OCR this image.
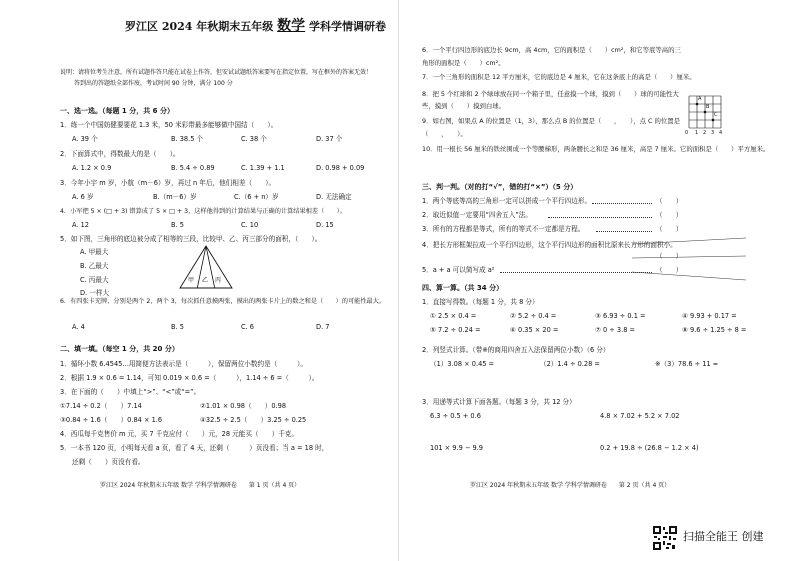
罗江区 2024 年秋期末五年级 数学 学科学情调研卷
说明：请将位考生注意，所有试题作答只能在试卷上作答，但安试试题纸答案要写在指定位置，写在框外的答案无效！
答到出的答题纸全部作废，考试时间 90 分钟，满分 100 分
一、选一选。（每题 1 分，共 6 分）
1．练一个中国妨健要要花 1.3 米，50 米彩带最多能够做中国结（　　）。
A. 39 个	B. 38.5 个	C. 38 个	D. 37 个
2．下面算式中，得数最大的是（　　）。
A. 1.2 × 0.9	B. 5.4 ÷ 0.89	C. 1.39 + 1.1	D. 0.98 + 0.09
3．今年小宇 m 岁，小航（m－6）岁，再过 n 年后，他们相差（　　）。
A. 6 岁	B.（m－6）岁	C.（6 + n）岁	D. 无法确定
4．小军把 5 × (□ + 3) 错算成了 5 × □ + 3，这样他得到的计算结果与正确的计算结果相差（　　）。
A. 12	B. 5	C. 10	D. 15
5．如下图，三角形的底边被分成了相等的三段，比较甲、乙、丙三部分的面积，（　　）。
A. 甲最大
B. 乙最大
C. 丙最大
D. 一样大
甲 乙 丙
6．有四张卡充牌，分别是两个 2，两个 3，每次抓任意摸两张，摸出的两张卡片上的数之和是（　　）的可能性最大。
A. 4	B. 5	C. 6	D. 7
二、填一填。（每空 1 分，共 20 分）
1．循环小数 6.4545…用简便方法表示是（　　　），保留两位小数约是（　　　）。
2．根据 1.9 × 0.6 = 1.14，可知 0.019 × 0.6 =（　　　），1.14 ÷ 6 =（　　　）。
3．在下面的（　　）中填上“>”、“<”或“=”。
①7.14 ÷ 0.2（　　）7.14	②1.01 × 0.98（　　）0.98
③0.84 ÷ 1.6（　　）0.84 × 1.6	④32.5 ÷ 2.5（　　）3.25 ÷ 0.25
4．西瓜每千克售价 m 元，买 7 千克应付（　　）元，28 元能买（　　）千克。
5．一本书 120 页，小明每天看 a 页，看了 4 天，还剩（　　　）页没看；当 a = 18 时，
还剩（　　）页没有看。
罗江区 2024 年秋期末五年级 数学 学科学情调研卷　　第 1 页（共 4 页）
6．一个平行四边形的底边长 9cm，高 4cm，它的面积是（　　）cm²，和它等底等高的三角形的面积是（　　）cm²。
7．一个三角形的面积是 12 平方厘米，它的底边是 4 厘米，它在这条底上的高是（　　）厘米。
8．把 5 个红球和 2 个绿球放在同一个箱子里，任意摸一个球，摸到（　　）球的可能性大些，摸到（　　）摸到白球。
9．如右图，如果点 A 的位置是（1，3），那么点 B 的位置是（　　，　　），点 C 的位置是（　　，　　）。
A
B
C
1 2 3 4
0
10．用一根长 56 厘米的铁丝围成一个等腰梯形，两条腰长之和是 36 厘米，高是 7 厘米。它的面积是（　　）平方厘米。
三、判一判。（对的打“√”，错的打“×”）（5 分）
1．两个等底等高的三角形一定可以拼成一个平行四边形。	（　　）
2．取近似值一定要用“四舍五入”法。	（　　）
3．所有的方程都是等式，所有的等式不一定都是方程。	（　　）
4．把长方形框架拉成一个平行四边形，这个平行四边形的面积比原来长方形的面积小。
（　　）
5．a + a 可以简写成 a²	（　　）
四、算一算。（共 34 分）
1．直接写得数。（每题 1 分，共 8 分）
① 2.5 × 0.4 =	② 5.2 ÷ 0.4 =	③ 6.93 ÷ 0.1 =	④ 9.93 + 0.17 =
⑤ 7.2 ÷ 0.24 =	⑥ 0.35 × 20 =	⑦ 0 ÷ 3.8 =	⑧ 9.6 ÷ 1.25 ÷ 8 =
2．列竖式计算。（带※的商用四舍五入法保留两位小数）（6 分）
（1）3.08 × 0.45 =	（2）1.4 ÷ 0.28 =	※（3）78.6 ÷ 11 ≈
3．用递等式计算下面各题。（每题 3 分，共 12 分）
6.3 ÷ 0.5 + 0.6	4.8 × 7.02 + 5.2 × 7.02
101 × 9.9 − 9.9	0.2 + 19.8 ÷ (26.8 − 1.2 × 4)
罗江区 2024 年秋期末五年级 数学 学科学情调研卷　　第 2 页（共 4 页）
扫描全能王 创建
